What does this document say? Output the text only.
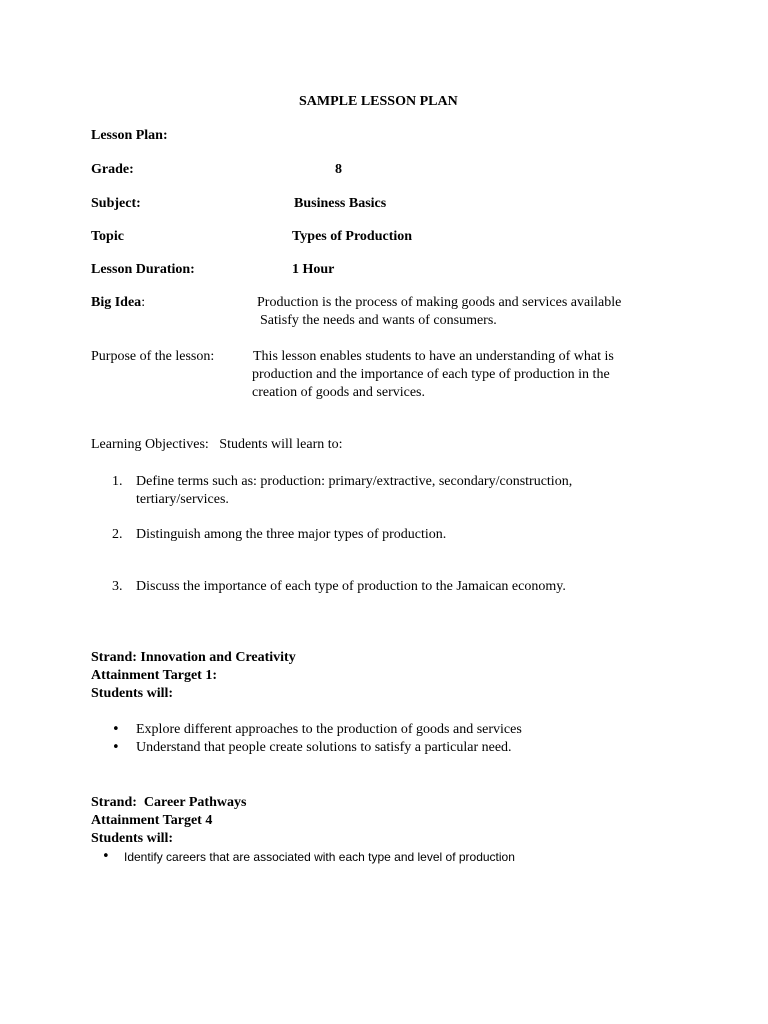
SAMPLE LESSON PLAN
Lesson Plan:
Grade:	8
Subject:	Business Basics
Topic	Types of Production
Lesson Duration:	1 Hour
Big Idea:	Production is the process of making goods and services available
Satisfy the needs and wants of consumers.
Purpose of the lesson:	This lesson enables students to have an understanding of what is
production and the importance of each type of production in the
creation of goods and services.
Learning Objectives:   Students will learn to:
1. Define terms such as: production: primary/extractive, secondary/construction,
tertiary/services.
2. Distinguish among the three major types of production.
3. Discuss the importance of each type of production to the Jamaican economy.
Strand: Innovation and Creativity
Attainment Target 1:
Students will:
• Explore different approaches to the production of goods and services
• Understand that people create solutions to satisfy a particular need.
Strand:  Career Pathways
Attainment Target 4
Students will:
• Identify careers that are associated with each type and level of production
